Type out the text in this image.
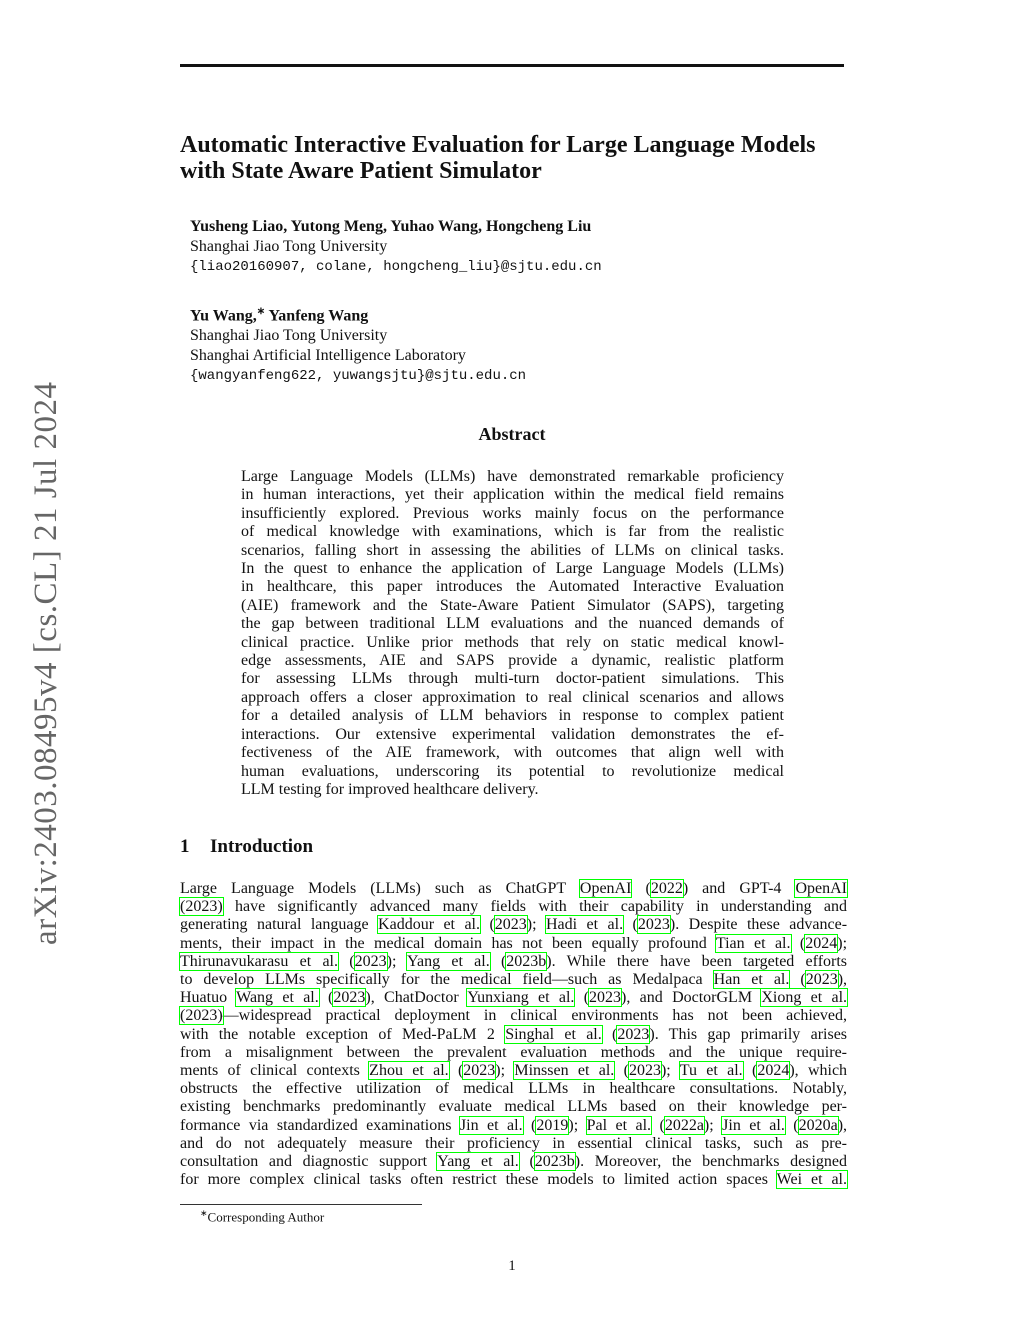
arXiv:2403.08495v4 [cs.CL] 21 Jul 2024
Automatic Interactive Evaluation for Large Language Models
with State Aware Patient Simulator
Yusheng Liao, Yutong Meng, Yuhao Wang, Hongcheng Liu
Shanghai Jiao Tong University
{liao20160907, colane, hongcheng_liu}@sjtu.edu.cn
Yu Wang,∗ Yanfeng Wang
Shanghai Jiao Tong University
Shanghai Artificial Intelligence Laboratory
{wangyanfeng622, yuwangsjtu}@sjtu.edu.cn
Abstract
Large Language Models (LLMs) have demonstrated remarkable proficiency
in human interactions, yet their application within the medical field remains
insufficiently explored. Previous works mainly focus on the performance
of medical knowledge with examinations, which is far from the realistic
scenarios, falling short in assessing the abilities of LLMs on clinical tasks.
In the quest to enhance the application of Large Language Models (LLMs)
in healthcare, this paper introduces the Automated Interactive Evaluation
(AIE) framework and the State-Aware Patient Simulator (SAPS), targeting
the gap between traditional LLM evaluations and the nuanced demands of
clinical practice. Unlike prior methods that rely on static medical knowl-
edge assessments, AIE and SAPS provide a dynamic, realistic platform
for assessing LLMs through multi-turn doctor-patient simulations. This
approach offers a closer approximation to real clinical scenarios and allows
for a detailed analysis of LLM behaviors in response to complex patient
interactions. Our extensive experimental validation demonstrates the ef-
fectiveness of the AIE framework, with outcomes that align well with
human evaluations, underscoring its potential to revolutionize medical
LLM testing for improved healthcare delivery.
1 Introduction
Large Language Models (LLMs) such as ChatGPT OpenAI (2022) and GPT-4 OpenAI
(2023) have significantly advanced many fields with their capability in understanding and
generating natural language Kaddour et al. (2023); Hadi et al. (2023). Despite these advance-
ments, their impact in the medical domain has not been equally profound Tian et al. (2024);
Thirunavukarasu et al. (2023); Yang et al. (2023b). While there have been targeted efforts
to develop LLMs specifically for the medical field—such as Medalpaca Han et al. (2023),
Huatuo Wang et al. (2023), ChatDoctor Yunxiang et al. (2023), and DoctorGLM Xiong et al.
(2023)—widespread practical deployment in clinical environments has not been achieved,
with the notable exception of Med-PaLM 2 Singhal et al. (2023). This gap primarily arises
from a misalignment between the prevalent evaluation methods and the unique require-
ments of clinical contexts Zhou et al. (2023); Minssen et al. (2023); Tu et al. (2024), which
obstructs the effective utilization of medical LLMs in healthcare consultations. Notably,
existing benchmarks predominantly evaluate medical LLMs based on their knowledge per-
formance via standardized examinations Jin et al. (2019); Pal et al. (2022a); Jin et al. (2020a),
and do not adequately measure their proficiency in essential clinical tasks, such as pre-
consultation and diagnostic support Yang et al. (2023b). Moreover, the benchmarks designed
for more complex clinical tasks often restrict these models to limited action spaces Wei et al.
∗Corresponding Author
1
